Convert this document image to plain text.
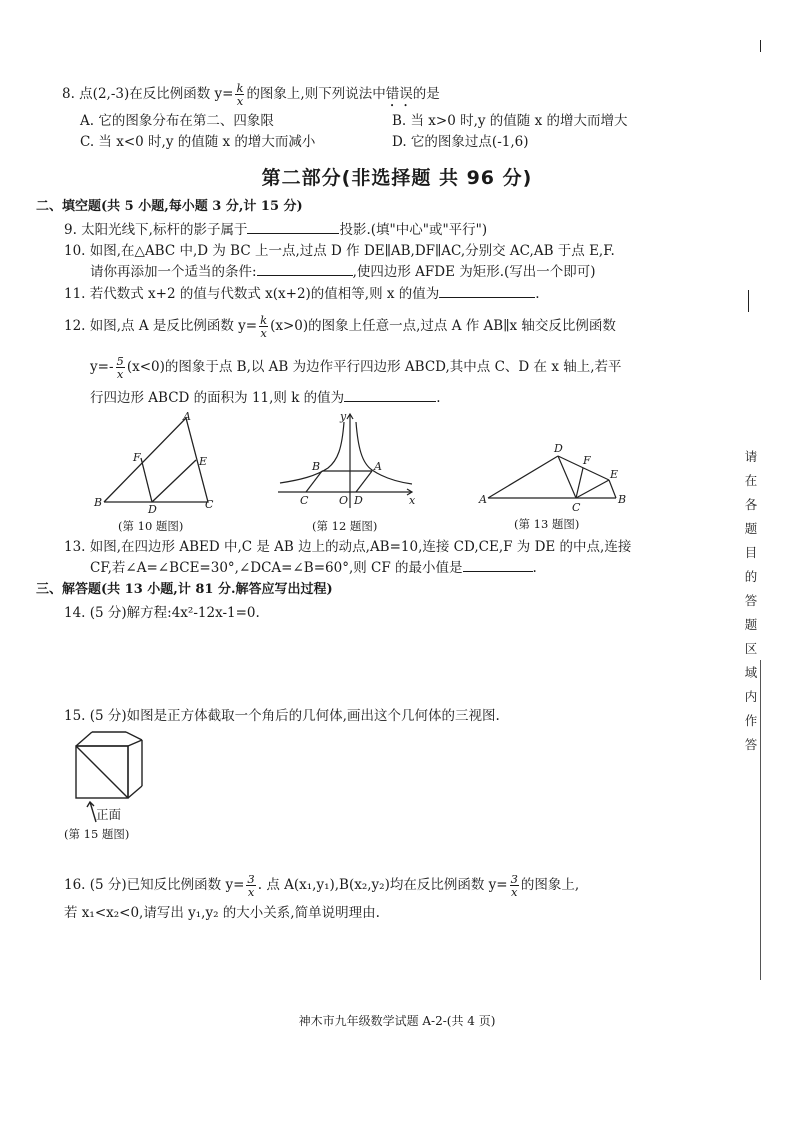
8. 点(2,-3)在反比例函数 $y= \frac{k}{x}$ 的图象上,则下列说法中错误的是
A. 它的图象分布在第二、四象限	B. 当 x>0 时,y 的值随 x 的增大而增大
C. 当 x<0 时,y 的值随 x 的增大而减小	D. 它的图象过点(-1,6)
第二部分(非选择题 共 96 分)
二、填空题(共 5 小题,每小题 3 分,计 15 分)
9. 太阳光线下,标杆的影子属于	投影.(填"中心"或"平行")
10. 如图,在△ABC 中,D 为 BC 上一点,过点 D 作 DE∥AB,DF∥AC,分别交 AC,AB 于点 E,F.
请你再添加一个适当的条件:	,使四边形 AFDE 为矩形.(写出一个即可)
11. 若代数式 x+2 的值与代数式 x(x+2)的值相等,则 x 的值为	.
12. 如图,点 A 是反比例函数 $y= \frac{k}{x} (x>0)$的图象上任意一点,过点 A 作 AB∥x 轴交反比例函数
$y=- \frac{5}{x} (x<0)$的图象于点 B,以 AB 为边作平行四边形 ABCD,其中点 C、D 在 x 轴上,若平
行四边形 ABCD 的面积为 11,则 k 的值为	.
A
F	E
B
D	C
(第 10 题图)
y
B	A
C	O D	x
(第 12 题图)
D
F
E
A
C
B
(第 13 题图)
13. 如图,在四边形 ABED 中,C 是 AB 边上的动点,AB=10,连接 CD,CE,F 为 DE 的中点,连接
CF,若∠A=∠BCE=30°,∠DCA=∠B=60°,则 CF 的最小值是	.
三、解答题(共 13 小题,计 81 分.解答应写出过程)
14. (5 分)解方程:4x²-12x-1=0.
15. (5 分)如图是正方体截取一个角后的几何体,画出这个几何体的三视图.
正面
(第 15 题图)
16. (5 分)已知反比例函数 $y= \frac{3}{x}$ . 点 A(x₁,y₁),B(x₂,y₂)均在反比例函数 $y= \frac{3}{x}$ 的图象上,
若 x₁<x₂<0,请写出 y₁,y₂ 的大小关系,简单说明理由.
请在各题目的答题区域内作答
神木市九年级数学试题 A-2-(共 4 页)
